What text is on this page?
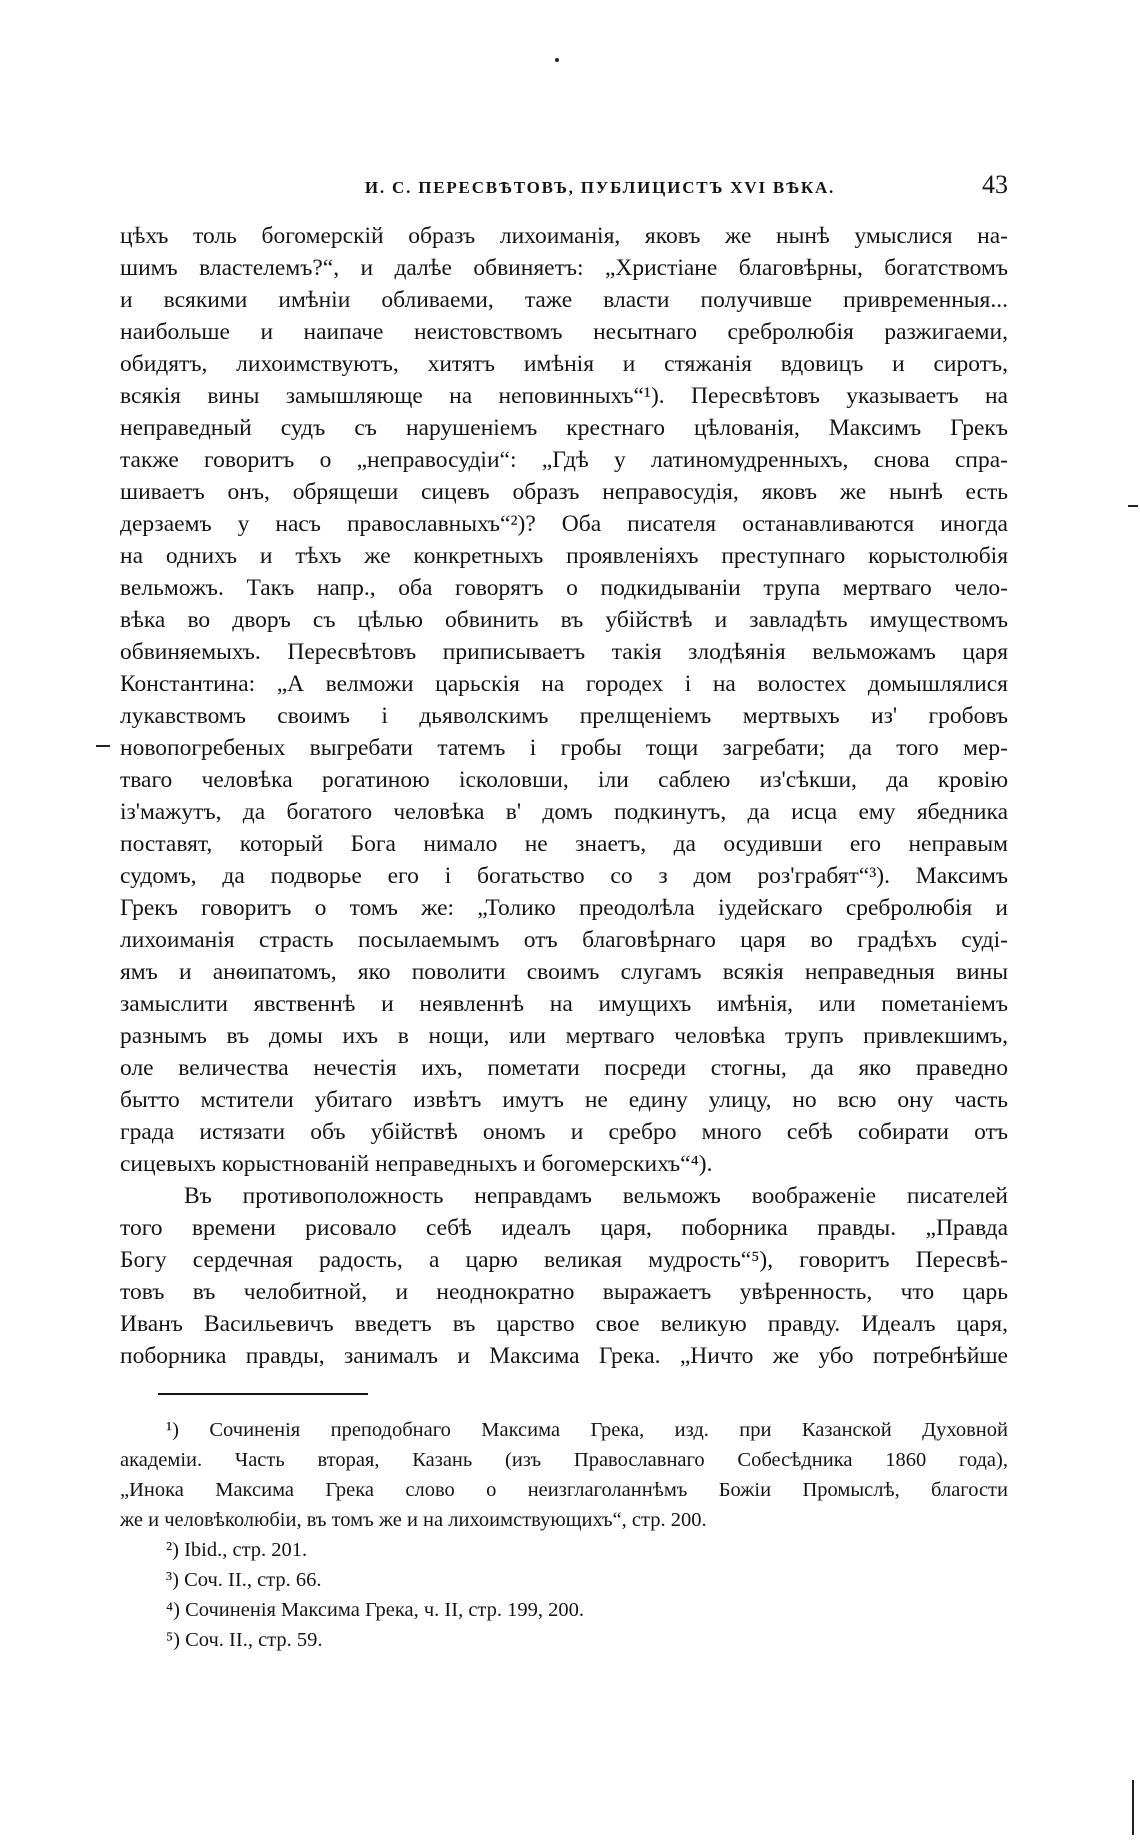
И. С. ПЕРЕСВѢТОВЪ, ПУБЛИЦИСТЪ XVI ВѢКА.	43
цѣхъ толь богомерскій образъ лихоиманія, яковъ же нынѣ умыслися на-
шимъ властелемъ?“, и далѣе обвиняетъ: „Христіане благовѣрны, богатствомъ
и всякими имѣніи обливаеми, таже власти получивше привременныя...
наибольше и наипаче неистовствомъ несытнаго сребролюбія разжигаеми,
обидятъ, лихоимствуютъ, хитятъ имѣнія и стяжанія вдовицъ и сиротъ,
всякія вины замышляюще на неповинныхъ“¹). Пересвѣтовъ указываетъ на
неправедный судъ съ нарушеніемъ крестнаго цѣлованія, Максимъ Грекъ
также говоритъ о „неправосудіи“: „Гдѣ у латиномудренныхъ, снова спра-
шиваетъ онъ, обрящеши сицевъ образъ неправосудія, яковъ же нынѣ есть
дерзаемъ у насъ православныхъ“²)? Оба писателя останавливаются иногда
на однихъ и тѣхъ же конкретныхъ проявленіяхъ преступнаго корыстолюбія
вельможъ. Такъ напр., оба говорятъ о подкидываніи трупа мертваго чело-
вѣка во дворъ съ цѣлью обвинить въ убійствѣ и завладѣть имуществомъ
обвиняемыхъ. Пересвѣтовъ приписываетъ такія злодѣянія вельможамъ царя
Константина: „А велможи царьскія на городех і на волостех домышлялися
лукавствомъ своимъ і дьяволскимъ прелщеніемъ мертвыхъ из' гробовъ
новопогребеных выгребати татемъ і гробы тощи загребати; да того мер-
тваго человѣка рогатиною ісколовши, іли саблею из'сѣкши, да кровію
із'мажутъ, да богатого человѣка в' домъ подкинутъ, да исца ему ябедника
поставят, который Бога нимало не знаетъ, да осудивши его неправым
судомъ, да подворье его і богатьство со з дом роз'грабят“³). Максимъ
Грекъ говоритъ о томъ же: „Толико преодолѣла іудейскаго сребролюбія и
лихоиманія страсть посылаемымъ отъ благовѣрнаго царя во градѣхъ суді-
ямъ и анѳипатомъ, яко поволити своимъ слугамъ всякія неправедныя вины
замыслити явственнѣ и неявленнѣ на имущихъ имѣнія, или пометаніемъ
разнымъ въ домы ихъ в нощи, или мертваго человѣка трупъ привлекшимъ,
оле величества нечестія ихъ, пометати посреди стогны, да яко праведно
бытто мстители убитаго извѣтъ имутъ не едину улицу, но всю ону часть
града истязати объ убійствѣ ономъ и сребро много себѣ собирати отъ
сицевыхъ корыстнованій неправедныхъ и богомерскихъ“⁴).
Въ противоположность неправдамъ вельможъ воображеніе писателей
того времени рисовало себѣ идеалъ царя, поборника правды. „Правда
Богу сердечная радость, а царю великая мудрость“⁵), говоритъ Пересвѣ-
товъ въ челобитной, и неоднократно выражаетъ увѣренность, что царь
Иванъ Васильевичъ введетъ въ царство свое великую правду. Идеалъ царя,
поборника правды, занималъ и Максима Грека. „Ничто же убо потребнѣйше
¹) Сочиненія преподобнаго Максима Грека, изд. при Казанской Духовной
академіи. Часть вторая, Казань (изъ Православнаго Собесѣдника 1860 года),
„Инока Максима Грека слово о неизглаголаннѣмъ Божіи Промыслѣ, благости
же и человѣколюбіи, въ томъ же и на лихоимствующихъ“, стр. 200.
²) Ibid., стр. 201.
³) Соч. II., стр. 66.
⁴) Сочиненія Максима Грека, ч. II, стр. 199, 200.
⁵) Соч. II., стр. 59.
